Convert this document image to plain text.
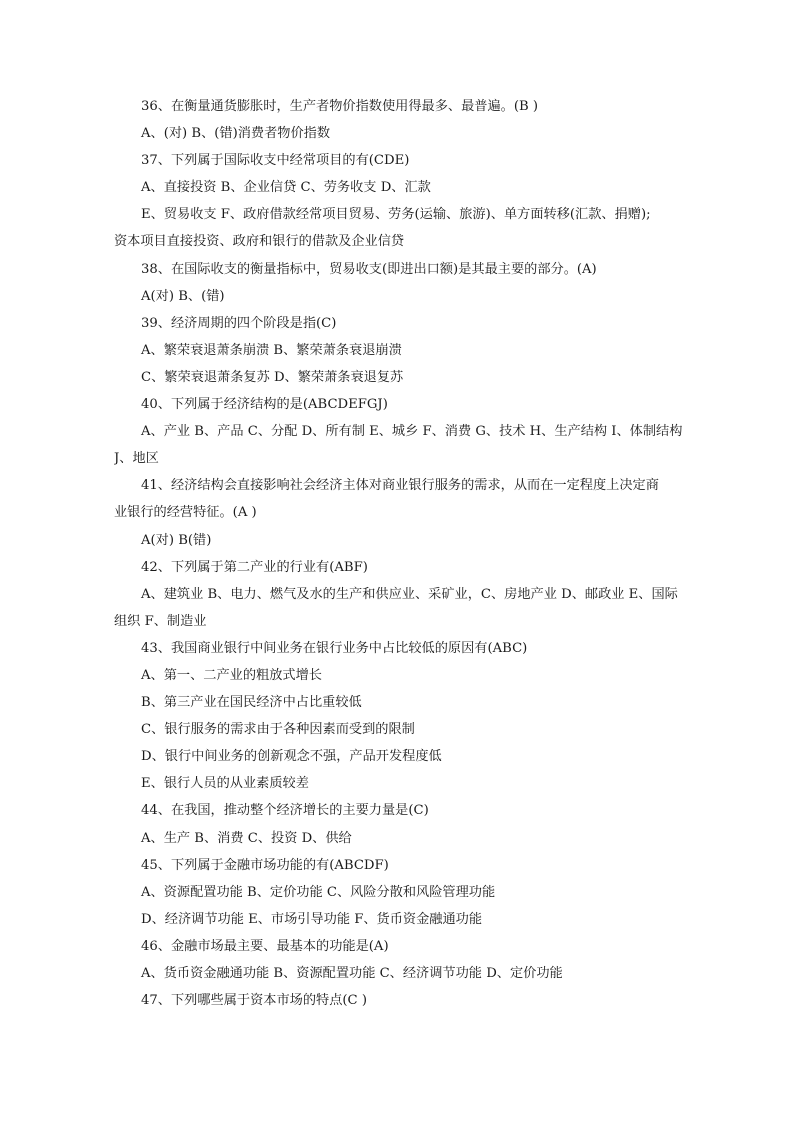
36、在衡量通货膨胀时，生产者物价指数使用得最多、最普遍。(B )
A、(对) B、(错)消费者物价指数
37、下列属于国际收支中经常项目的有(CDE)
A、直接投资 B、企业信贷 C、劳务收支 D、汇款
E、贸易收支 F、政府借款经常项目贸易、劳务(运输、旅游)、单方面转移(汇款、捐赠);
资本项目直接投资、政府和银行的借款及企业信贷
38、在国际收支的衡量指标中，贸易收支(即进出口额)是其最主要的部分。(A)
A(对) B、(错)
39、经济周期的四个阶段是指(C)
A、繁荣衰退萧条崩溃 B、繁荣萧条衰退崩溃
C、繁荣衰退萧条复苏 D、繁荣萧条衰退复苏
40、下列属于经济结构的是(ABCDEFGJ)
A、产业 B、产品 C、分配 D、所有制 E、城乡 F、消费 G、技术 H、生产结构 I、体制结构
J、地区
41、经济结构会直接影响社会经济主体对商业银行服务的需求，从而在一定程度上决定商
业银行的经营特征。(A )
A(对) B(错)
42、下列属于第二产业的行业有(ABF)
A、建筑业 B、电力、燃气及水的生产和供应业、采矿业，C、房地产业 D、邮政业 E、国际
组织 F、制造业
43、我国商业银行中间业务在银行业务中占比较低的原因有(ABC)
A、第一、二产业的粗放式增长
B、第三产业在国民经济中占比重较低
C、银行服务的需求由于各种因素而受到的限制
D、银行中间业务的创新观念不强，产品开发程度低
E、银行人员的从业素质较差
44、在我国，推动整个经济增长的主要力量是(C)
A、生产 B、消费 C、投资 D、供给
45、下列属于金融市场功能的有(ABCDF)
A、资源配置功能 B、定价功能 C、风险分散和风险管理功能
D、经济调节功能 E、市场引导功能 F、货币资金融通功能
46、金融市场最主要、最基本的功能是(A)
A、货币资金融通功能 B、资源配置功能 C、经济调节功能 D、定价功能
47、下列哪些属于资本市场的特点(C )
